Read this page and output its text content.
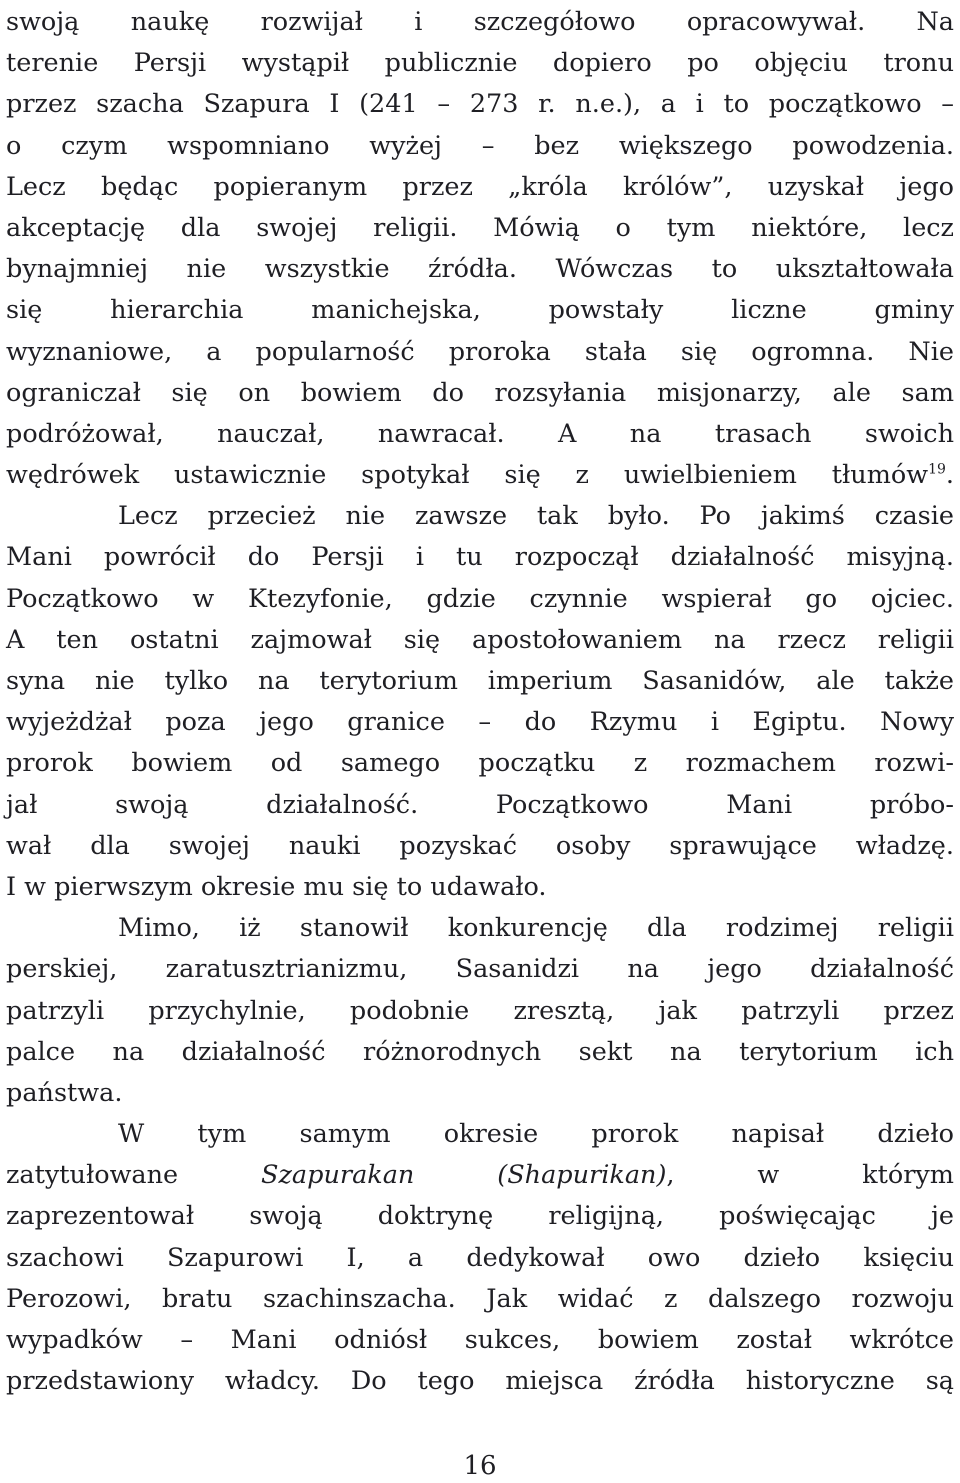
swoją naukę rozwijał i szczegółowo opracowywał. Na
terenie Persji wystąpił publicznie dopiero po objęciu tronu
przez szacha Szapura I (241 – 273 r. n.e.), a i to początkowo –
o czym wspomniano wyżej – bez większego powodzenia.
Lecz będąc popieranym przez „króla królów”, uzyskał jego
akceptację dla swojej religii. Mówią o tym niektóre, lecz
bynajmniej nie wszystkie źródła. Wówczas to ukształtowała
się hierarchia manichejska, powstały liczne gminy
wyznaniowe, a popularność proroka stała się ogromna. Nie
ograniczał się on bowiem do rozsyłania misjonarzy, ale sam
podróżował, nauczał, nawracał. A na trasach swoich
wędrówek ustawicznie spotykał się z uwielbieniem tłumów$^{19}$.
Lecz przecież nie zawsze tak było. Po jakimś czasie
Mani powrócił do Persji i tu rozpoczął działalność misyjną.
Początkowo w Ktezyfonie, gdzie czynnie wspierał go ojciec.
A ten ostatni zajmował się apostołowaniem na rzecz religii
syna nie tylko na terytorium imperium Sasanidów, ale także
wyjeżdżał poza jego granice – do Rzymu i Egiptu. Nowy
prorok bowiem od samego początku z rozmachem rozwi-
jał swoją działalność. Początkowo Mani próbo-
wał dla swojej nauki pozyskać osoby sprawujące władzę.
I w pierwszym okresie mu się to udawało.
Mimo, iż stanowił konkurencję dla rodzimej religii
perskiej, zaratusztrianizmu, Sasanidzi na jego działalność
patrzyli przychylnie, podobnie zresztą, jak patrzyli przez
palce na działalność różnorodnych sekt na terytorium ich
państwa.
W tym samym okresie prorok napisał dzieło
zatytułowane Szapurakan (Shapurikan), w którym
zaprezentował swoją doktrynę religijną, poświęcając je
szachowi Szapurowi I, a dedykował owo dzieło księciu
Perozowi, bratu szachinszacha. Jak widać z dalszego rozwoju
wypadków – Mani odniósł sukces, bowiem został wkrótce
przedstawiony władcy. Do tego miejsca źródła historyczne są
16
